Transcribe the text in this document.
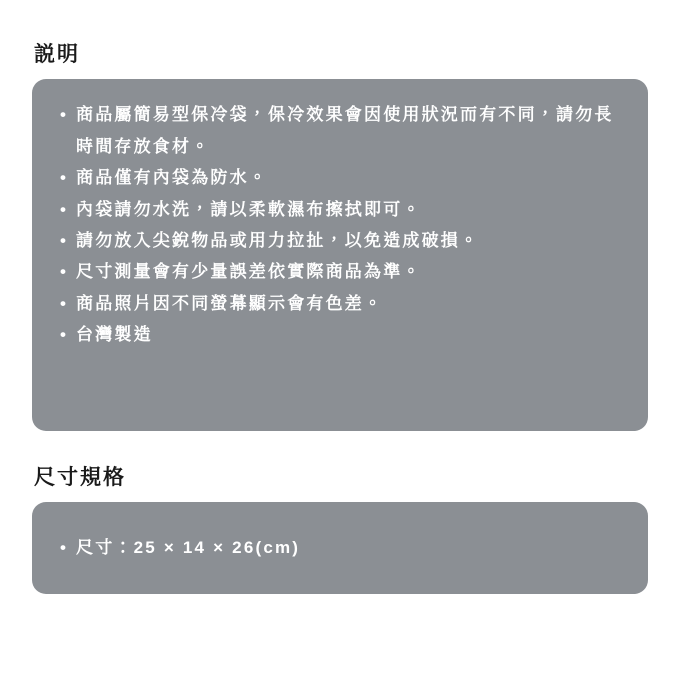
説明
• 商品屬簡易型保冷袋，保冷效果會因使用狀況而有不同，請勿長時間存放食材。
• 商品僅有內袋為防水。
• 內袋請勿水洗，請以柔軟濕布擦拭即可。
• 請勿放入尖銳物品或用力拉扯，以免造成破損。
• 尺寸測量會有少量誤差依實際商品為準。
• 商品照片因不同螢幕顯示會有色差。
• 台灣製造
尺寸規格
• 尺寸：25 × 14 × 26(cm)
